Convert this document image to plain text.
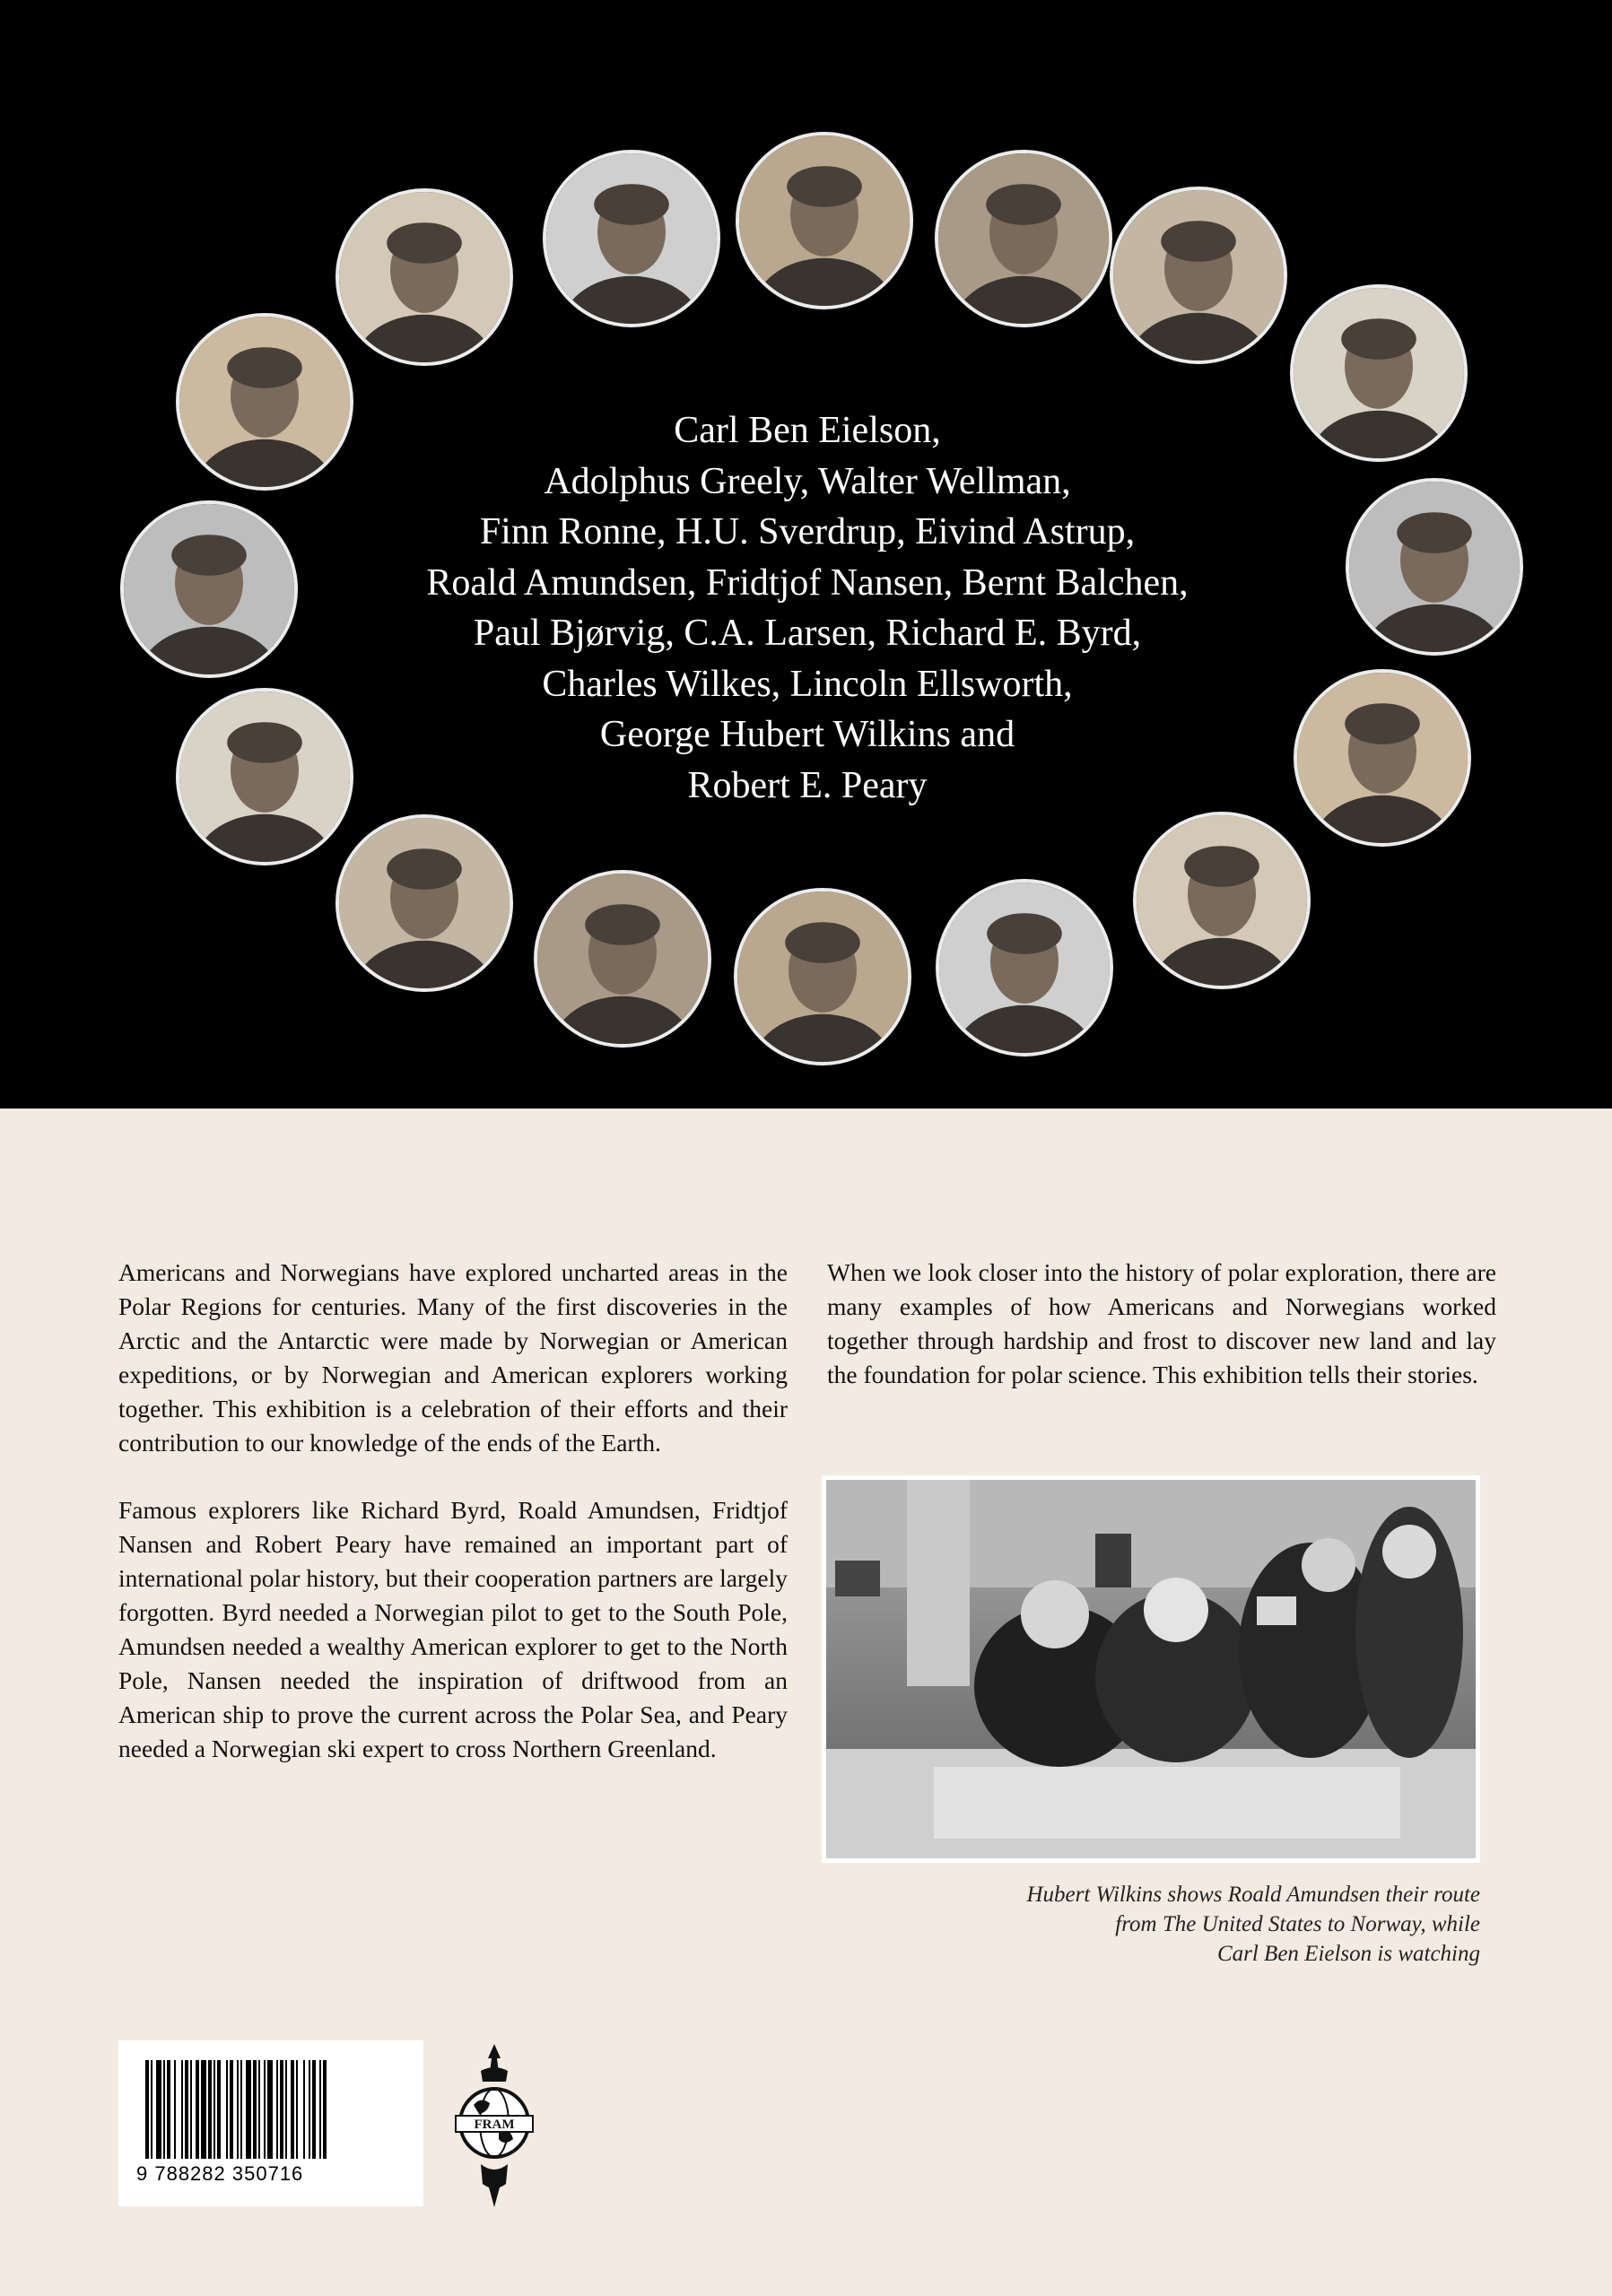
Carl Ben Eielson,
Adolphus Greely, Walter Wellman,
Finn Ronne, H.U. Sverdrup, Eivind Astrup,
Roald Amundsen, Fridtjof Nansen, Bernt Balchen,
Paul Bjørvig, C.A. Larsen, Richard E. Byrd,
Charles Wilkes, Lincoln Ellsworth,
George Hubert Wilkins and
Robert E. Peary

Americans and Norwegians have explored uncharted areas in the Polar Regions for centuries. Many of the first discoveries in the Arctic and the Antarctic were made by Norwegian or American expeditions, or by Norwegian and American explorers working together. This exhibition is a celebration of their efforts and their contribution to our knowledge of the ends of the Earth.

Famous explorers like Richard Byrd, Roald Amundsen, Fridtjof Nansen and Robert Peary have remained an important part of international polar history, but their cooperation partners are largely forgotten. Byrd needed a Norwegian pilot to get to the South Pole, Amundsen needed a wealthy American explorer to get to the North Pole, Nansen needed the inspiration of driftwood from an American ship to prove the current across the Polar Sea, and Peary needed a Norwegian ski expert to cross Northern Greenland.

When we look closer into the history of polar exploration, there are many examples of how Americans and Norwegians worked together through hardship and frost to discover new land and lay the foundation for polar science. This exhibition tells their stories.

Hubert Wilkins shows Roald Amundsen their route
from The United States to Norway, while
Carl Ben Eielson is watching
9 788282 350716
FRAM
